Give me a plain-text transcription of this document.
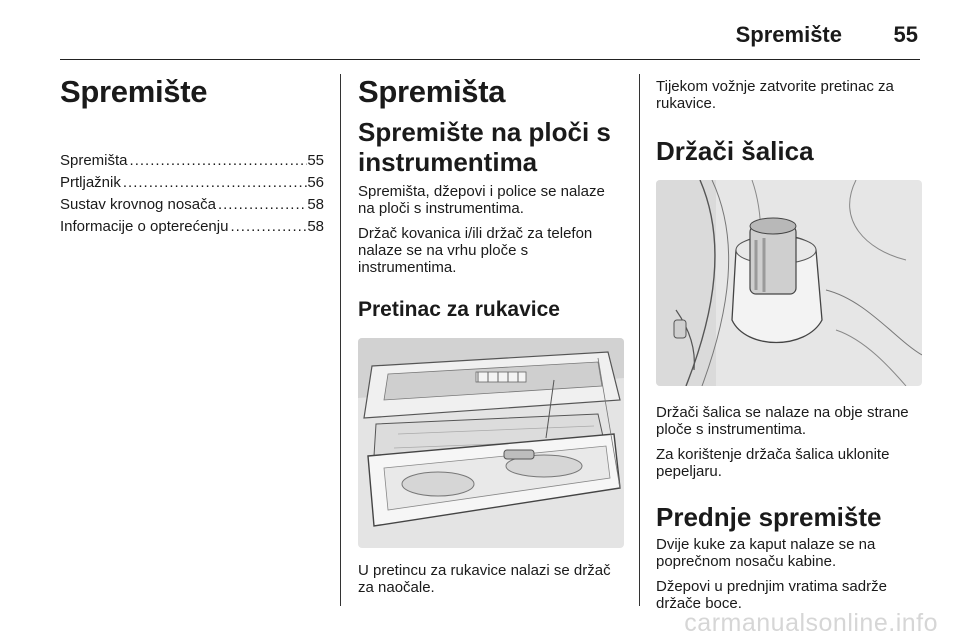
Spremište 55
Spremište
Spremišta .....	55
Prtljažnik .....	56
Sustav krovnog nosača .....	58
Informacije o opterećenju .....	58
Spremišta
Spremište na ploči s instrumentima

Spremišta, džepovi i police se nalaze na ploči s instrumentima.

Držač kovanica i/ili držač za telefon nalaze se na vrhu ploče s instrumentima.

Pretinac za rukavice

U pretincu za rukavice nalazi se držač za naočale.

Tijekom vožnje zatvorite pretinac za rukavice.

Držači šalica

Držači šalica se nalaze na obje strane ploče s instrumentima.

Za korištenje držača šalica uklonite pepeljaru.

Prednje spremište

Dvije kuke za kaput nalaze se na poprečnom nosaču kabine.

Džepovi u prednjim vratima sadrže držače boce.

carmanualsonline.info
